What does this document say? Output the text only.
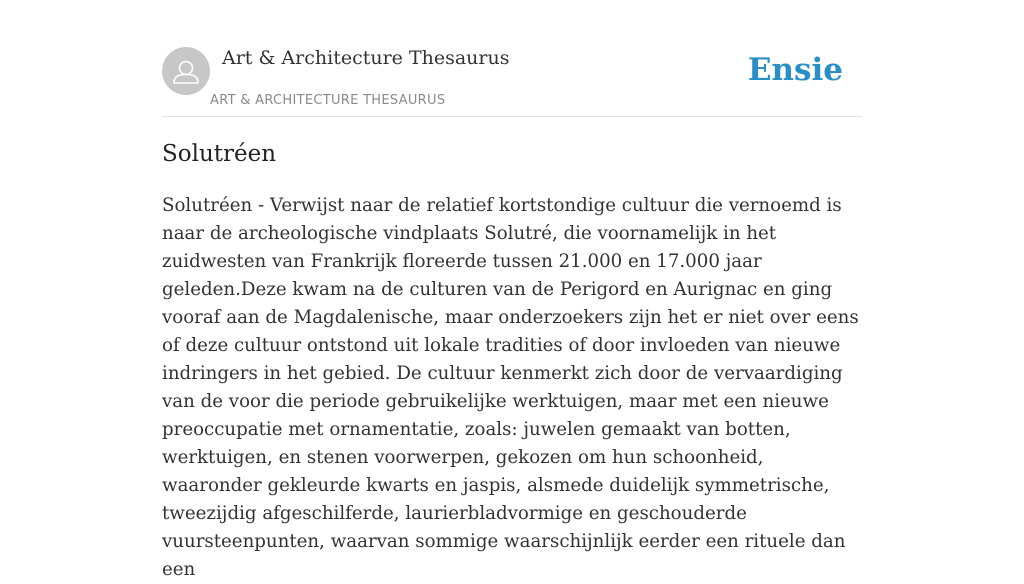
Art & Architecture Thesaurus
ART & ARCHITECTURE THESAURUS
Ensie
Solutréen

Solutréen - Verwijst naar de relatief kortstondige cultuur die vernoemd is naar de archeologische vindplaats Solutré, die voornamelijk in het zuidwesten van Frankrijk floreerde tussen 21.000 en 17.000 jaar geleden.Deze kwam na de culturen van de Perigord en Aurignac en ging vooraf aan de Magdalenische, maar onderzoekers zijn het er niet over eens of deze cultuur ontstond uit lokale tradities of door invloeden van nieuwe indringers in het gebied. De cultuur kenmerkt zich door de vervaardiging van de voor die periode gebruikelijke werktuigen, maar met een nieuwe preoccupatie met ornamentatie, zoals: juwelen gemaakt van botten, werktuigen, en stenen voorwerpen, gekozen om hun schoonheid, waaronder gekleurde kwarts en jaspis, alsmede duidelijk symmetrische, tweezijdig afgeschilferde, laurierbladvormige en geschouderde vuursteenpunten, waarvan sommige waarschijnlijk eerder een rituele dan een
